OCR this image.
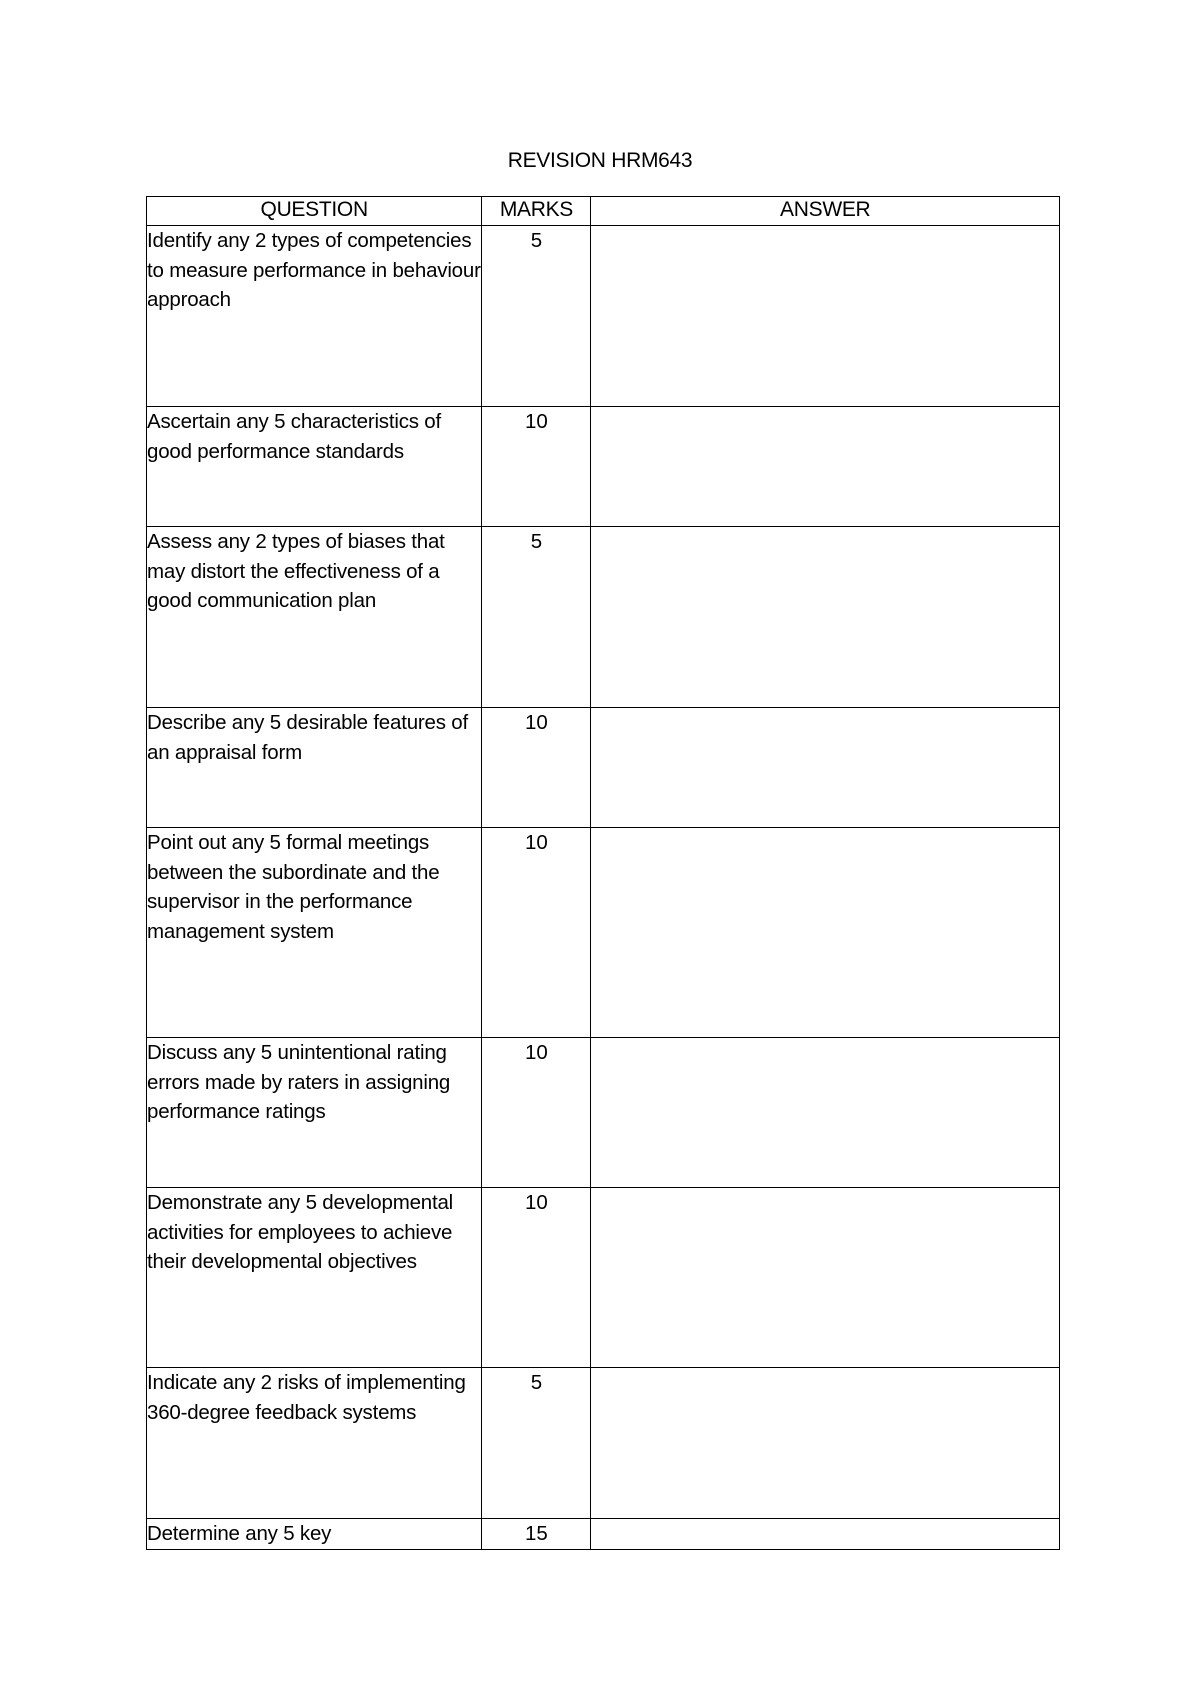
REVISION HRM643
QUESTION	MARKS	ANSWER
Identify any 2 types of competencies to measure performance in behaviour approach	5	
Ascertain any 5 characteristics of good performance standards	10	
Assess any 2 types of biases that may distort the effectiveness of a good communication plan	5	
Describe any 5 desirable features of an appraisal form	10	
Point out any 5 formal meetings between the subordinate and the supervisor in the performance management system	10	
Discuss any 5 unintentional rating errors made by raters in assigning performance ratings	10	
Demonstrate any 5 developmental activities for employees to achieve their developmental objectives	10	
Indicate any 2 risks of implementing 360-degree feedback systems	5	
Determine any 5 key	15	
